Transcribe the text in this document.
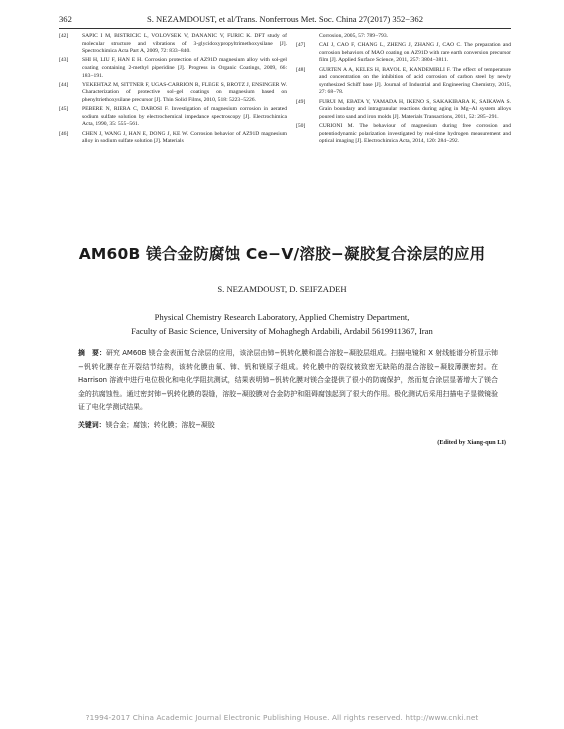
362	S. NEZAMDOUST, et al/Trans. Nonferrous Met. Soc. China 27(2017) 352−362
[42] SAPIC I M, BISTRICIC L, VOLOVSEK V, DANANIC V, FURIC K. DFT study of molecular structure and vibrations of 3-glycidoxypropyltrimethoxysilane [J]. Spectrochimica Acta Part A, 2009, 72: 833−840.
[43] SHI H, LIU F, HAN E H. Corrosion protection of AZ91D magnesium alloy with sol-gel coating containing 2-methyl piperidine [J]. Progress in Organic Coatings, 2009, 66: 183−191.
[44] YEKEHTAZ M, SITTNER F, UGAS-CARRION R, FLEGE S, BROTZ J, ENSINGER W. Characterization of protective sol–gel coatings on magnesium based on phenyltriethoxysilane precursor [J]. Thin Solid Films, 2010, 518: 5223−5226.
[45] PEBERE N, RIERA C, DABOSI F. Investigation of magnesium corrosion in aerated sodium sulfate solution by electrochemical impedance spectroscopy [J]. Electrochimica Acta, 1990, 35: 555−561.
[46] CHEN J, WANG J, HAN E, DONG J, KE W. Corrosion behavior of AZ91D magnesium alloy in sodium sulfate solution [J]. Materials
Corrosion, 2005, 57: 789−793.
[47] CAI J, CAO F, CHANG L, ZHENG J, ZHANG J, CAO C. The preparation and corrosion behaviors of MAO coating on AZ91D with rare earth conversion precursor film [J]. Applied Surface Science, 2011, 257: 3804−3811.
[48] GURTEN A A, KELES H, BAYOL E, KANDEMIRLI F. The effect of temperature and concentration on the inhibition of acid corrosion of carbon steel by newly synthesized Schiff base [J]. Journal of Industrial and Engineering Chemistry, 2015, 27: 68−78.
[49] FURUI M, EBATA Y, YAMADA H, IKENO S, SAKAKIBARA K, SAIKAWA S. Grain boundary and intragranular reactions during aging in Mg−Al system alloys poured into sand and iron molds [J]. Materials Transactions, 2011, 52: 285−291.
[50] CURIONI M. The behaviour of magnesium during free corrosion and potentiodynamic polarization investigated by real-time hydrogen measurement and optical imaging [J]. Electrochimica Acta, 2014, 120: 284−292.
AM60B 镁合金防腐蚀 Ce−V/溶胶−凝胶复合涂层的应用
S. NEZAMDOUST, D. SEIFZADEH
Physical Chemistry Research Laboratory, Applied Chemistry Department,
Faculty of Basic Science, University of Mohaghegh Ardabili, Ardabil 5619911367, Iran
摘　要：研究 AM60B 镁合金表面复合涂层的应用，该涂层由铈−钒转化膜和混合溶胶−凝胶层组成。扫描电镜和 X 射线能谱分析显示铈−钒转化膜存在开裂结节结构，该转化膜由氧、铈、钒和镁原子组成。转化膜中的裂纹被致密无缺陷的混合溶胶−凝胶薄膜密封。在 Harrison 溶液中进行电位极化和电化学阻抗测试，结果表明铈−钒转化膜对镁合金提供了很小的防腐保护，然而复合涂层显著增大了镁合金的抗腐蚀性。通过密封铈−钒转化膜的裂缝，溶胶−凝胶膜对合金防护和阻碍腐蚀起到了很大的作用。极化测试后采用扫描电子显微镜验证了电化学测试结果。
关键词：镁合金；腐蚀；转化膜；溶胶−凝胶
(Edited by Xiang-qun LI)
?1994-2017 China Academic Journal Electronic Publishing House. All rights reserved. http://www.cnki.net
